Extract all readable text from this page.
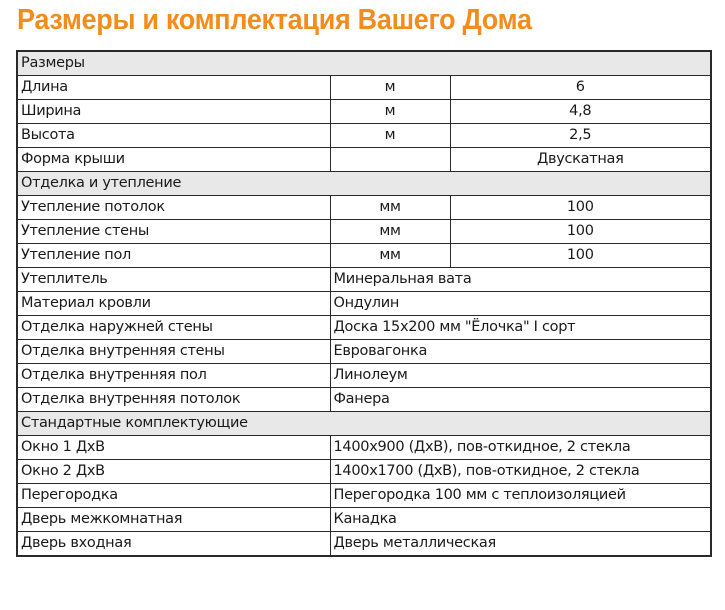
Размеры и комплектация Вашего Дома
Размеры		
Длина	м	6
Ширина	м	4,8
Высота	м	2,5
Форма крыши		Двускатная
Отделка и утепление		
Утепление потолок	мм	100
Утепление стены	мм	100
Утепление пол	мм	100
Утеплитель	Минеральная вата	
Материал кровли	Ондулин	
Отделка наружней стены	Доска 15х200 мм "Ёлочка" I сорт	
Отделка внутренняя стены	Евровагонка	
Отделка внутренняя пол	Линолеум	
Отделка внутренняя потолок	Фанера	
Стандартные комплектующие		
Окно 1 ДхВ	1400х900 (ДхВ), пов-откидное, 2 стекла	
Окно 2 ДхВ	1400х1700 (ДхВ), пов-откидное, 2 стекла	
Перегородка	Перегородка 100 мм с теплоизоляцией	
Дверь межкомнатная	Канадка	
Дверь входная	Дверь металлическая	
